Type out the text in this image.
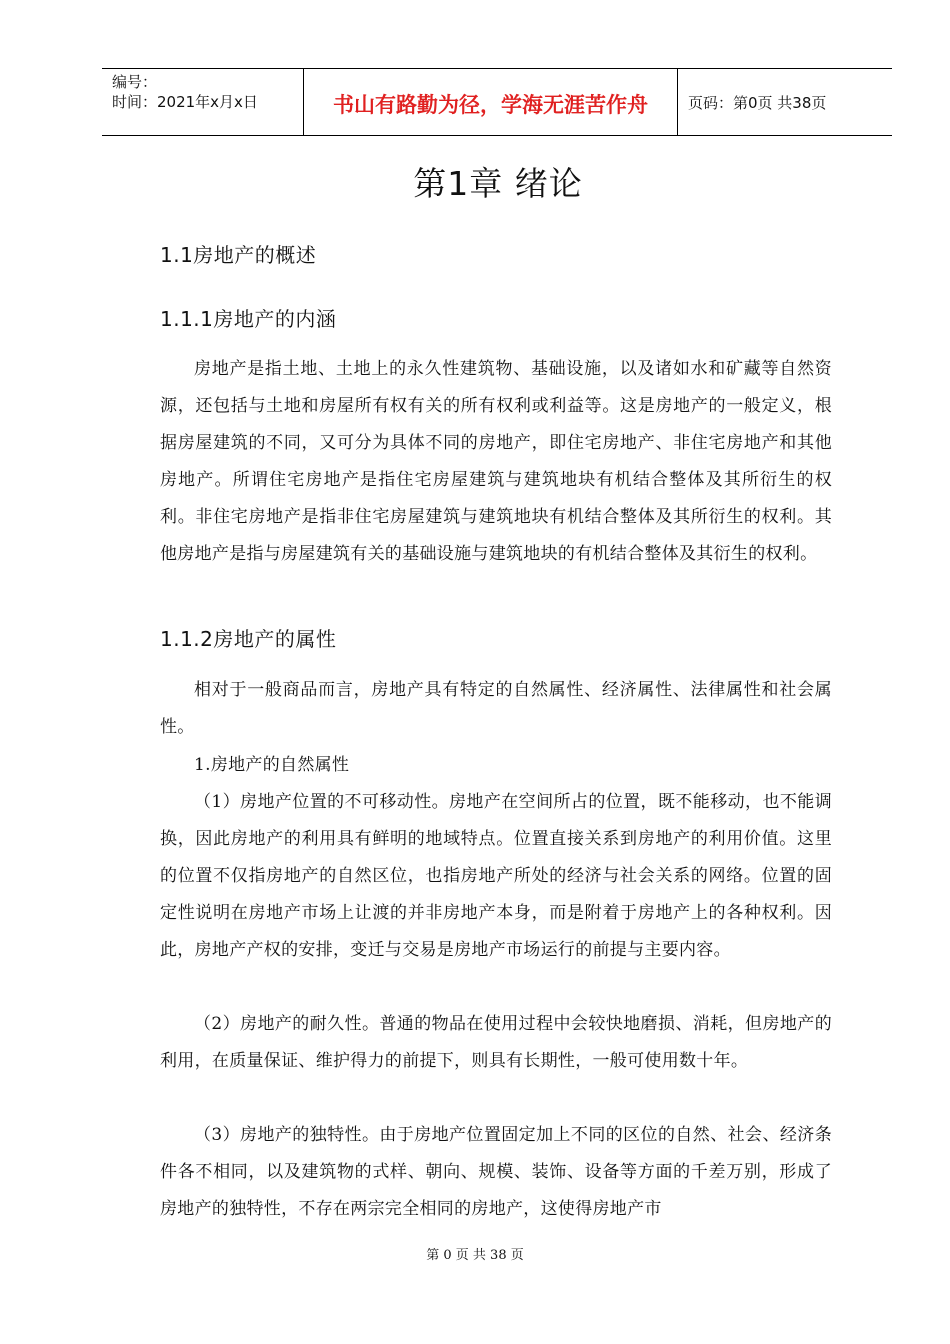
编号：
时间：2021年x月x日	书山有路勤为径，学海无涯苦作舟	页码：第0页 共38页
第1章 绪论
1.1房地产的概述
1.1.1房地产的内涵
房地产是指土地、土地上的永久性建筑物、基础设施，以及诸如水和矿藏等自然资源，还包括与土地和房屋所有权有关的所有权利或利益等。这是房地产的一般定义，根据房屋建筑的不同，又可分为具体不同的房地产，即住宅房地产、非住宅房地产和其他房地产。所谓住宅房地产是指住宅房屋建筑与建筑地块有机结合整体及其所衍生的权利。非住宅房地产是指非住宅房屋建筑与建筑地块有机结合整体及其所衍生的权利。其他房地产是指与房屋建筑有关的基础设施与建筑地块的有机结合整体及其衍生的权利。
1.1.2房地产的属性
相对于一般商品而言，房地产具有特定的自然属性、经济属性、法律属性和社会属性。
1.房地产的自然属性
（1）房地产位置的不可移动性。房地产在空间所占的位置，既不能移动，也不能调换，因此房地产的利用具有鲜明的地域特点。位置直接关系到房地产的利用价值。这里的位置不仅指房地产的自然区位，也指房地产所处的经济与社会关系的网络。位置的固定性说明在房地产市场上让渡的并非房地产本身，而是附着于房地产上的各种权利。因此，房地产产权的安排，变迁与交易是房地产市场运行的前提与主要内容。
（2）房地产的耐久性。普通的物品在使用过程中会较快地磨损、消耗，但房地产的利用，在质量保证、维护得力的前提下，则具有长期性，一般可使用数十年。
（3）房地产的独特性。由于房地产位置固定加上不同的区位的自然、社会、经济条件各不相同，以及建筑物的式样、朝向、规模、装饰、设备等方面的千差万别，形成了房地产的独特性，不存在两宗完全相同的房地产，这使得房地产市
第 0 页 共 38 页
